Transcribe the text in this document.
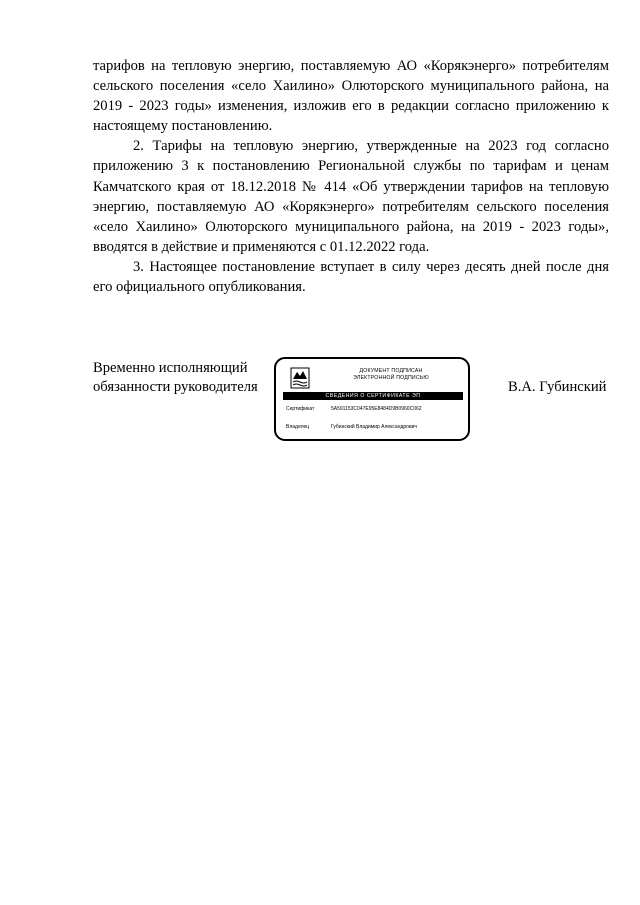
тарифов на тепловую энергию, поставляемую АО «Корякэнерго» потребителям сельского поселения «село Хаилино» Олюторского муниципального района, на 2019 - 2023 годы» изменения, изложив его в редакции согласно приложению к настоящему постановлению.

2. Тарифы на тепловую энергию, утвержденные на 2023 год согласно приложению 3 к постановлению Региональной службы по тарифам и ценам Камчатского края от 18.12.2018 № 414 «Об утверждении тарифов на тепловую энергию, поставляемую АО «Корякэнерго» потребителям сельского поселения «село Хаилино» Олюторского муниципального района, на 2019 - 2023 годы», вводятся в действие и применяются с 01.12.2022 года.

3. Настоящее постановление вступает в силу через десять дней после дня его официального опубликования.

Временно исполняющий
обязанности руководителя
ДОКУМЕНТ ПОДПИСАН
ЭЛЕКТРОННОЙ ПОДПИСЬЮ
СВЕДЕНИЯ О СЕРТИФИКАТЕ ЭП
Сертификат	5A591153C047E95E8484D9B0960C062
Владелец	Губинский Владимир Александрович
В.А. Губинский
